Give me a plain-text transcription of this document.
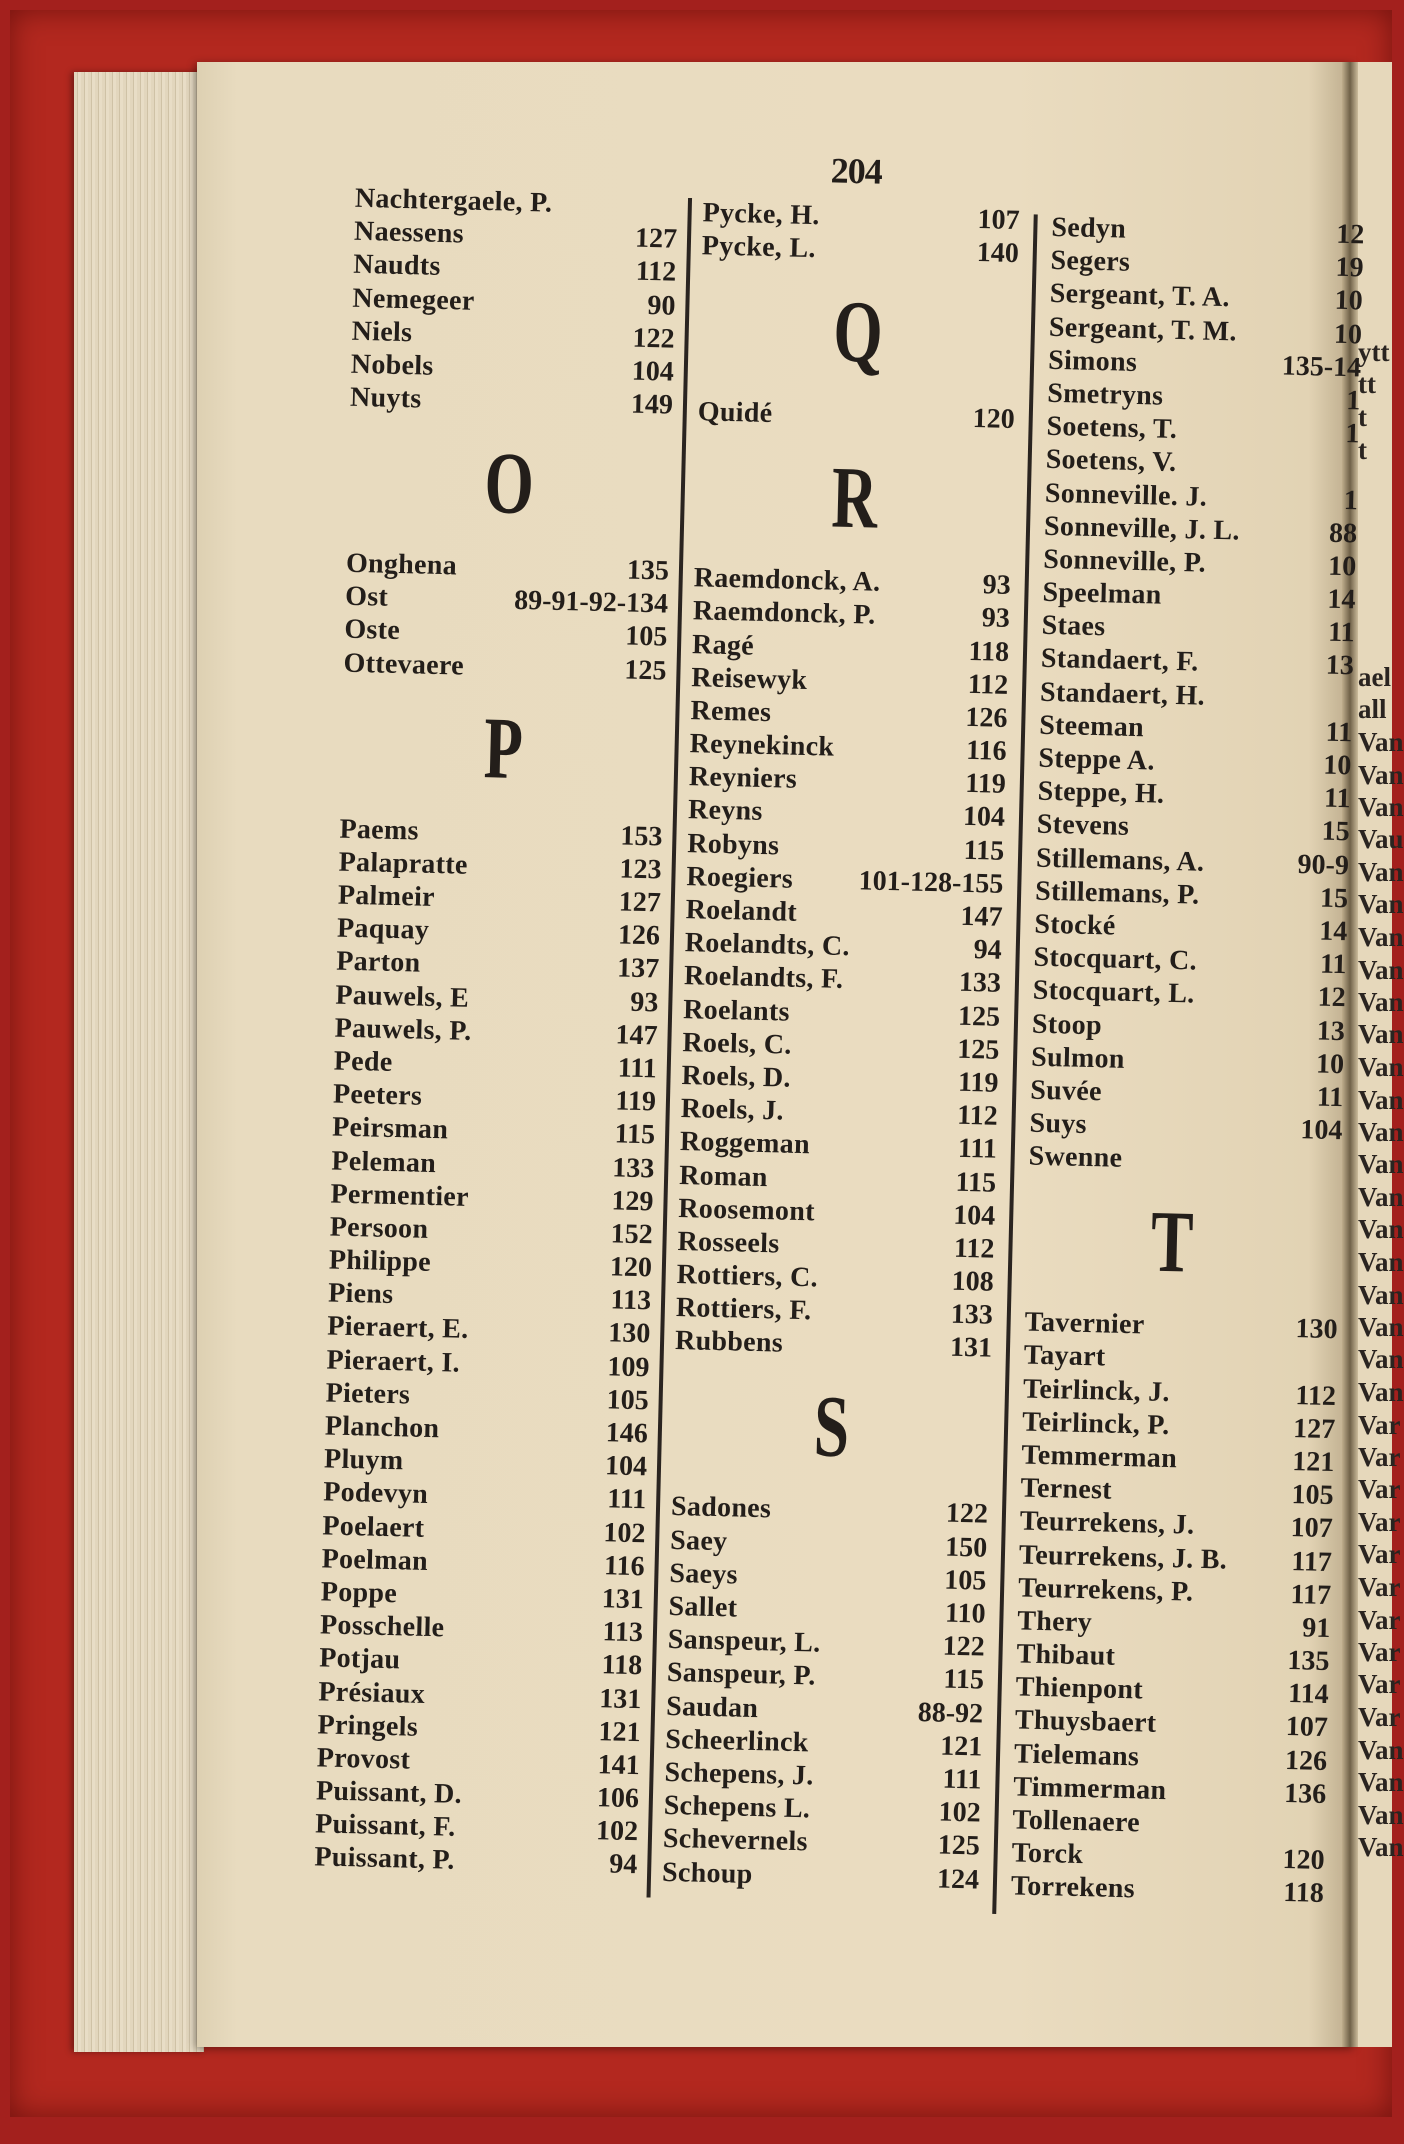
ytt
tt
t
t
ael
all
Van
Van
Van
Vau
Van
Van
Van
Van
Van
Van
Van
Van
Van
Van
Van
Van
Van
Van
Van
Van
Van
Var
Var
Var
Var
Var
Var
Var
Var
Var
Var
Van
Van
Van
Van
204
Nachtergaele, P.
Naessens	127
Naudts	112
Nemegeer	90
Niels	122
Nobels	104
Nuyts	149
O
Onghena	135
Ost	89-91-92-134
Oste	105
Ottevaere	125
P
Paems	153
Palapratte	123
Palmeir	127
Paquay	126
Parton	137
Pauwels, E	93
Pauwels, P.	147
Pede	111
Peeters	119
Peirsman	115
Peleman	133
Permentier	129
Persoon	152
Philippe	120
Piens	113
Pieraert, E.	130
Pieraert, I.	109
Pieters	105
Planchon	146
Pluym	104
Podevyn	111
Poelaert	102
Poelman	116
Poppe	131
Posschelle	113
Potjau	118
Présiaux	131
Pringels	121
Provost	141
Puissant, D.	106
Puissant, F.	102
Puissant, P.	94
Pycke, H.	107
Pycke, L.	140
Q
Quidé	120
R
Raemdonck, A.	93
Raemdonck, P.	93
Ragé	118
Reisewyk	112
Remes	126
Reynekinck	116
Reyniers	119
Reyns	104
Robyns	115
Roegiers 101-128-155
Roelandt	147
Roelandts, C.	94
Roelandts, F.	133
Roelants	125
Roels, C.	125
Roels, D.	119
Roels, J.	112
Roggeman	111
Roman	115
Roosemont	104
Rosseels	112
Rottiers, C.	108
Rottiers, F.	133
Rubbens	131
S
Sadones	122
Saey	150
Saeys	105
Sallet	110
Sanspeur, L.	122
Sanspeur, P.	115
Saudan	88-92
Scheerlinck	121
Schepens, J.	111
Schepens L.	102
Schevernels	125
Schoup	124
Sedyn	12
Segers	19
Sergeant, T. A.	10
Sergeant, T. M.	10
Simons	135-14
Smetryns	1
Soetens, T.	1
Soetens, V.
Sonneville. J.	1
Sonneville, J. L.	88
Sonneville, P.	10
Speelman	14
Staes	11
Standaert, F.	13
Standaert, H.
Steeman	11
Steppe A.	10
Steppe, H.	11
Stevens	15
Stillemans, A.	90-9
Stillemans, P.	15
Stocké	14
Stocquart, C.	11
Stocquart, L.	12
Stoop	13
Sulmon	10
Suvée	11
Suys	104
Swenne
T
Tavernier	130
Tayart
Teirlinck, J.	112
Teirlinck, P.	127
Temmerman	121
Ternest	105
Teurrekens, J.	107
Teurrekens, J. B. 117
Teurrekens, P.	117
Thery	91
Thibaut	135
Thienpont	114
Thuysbaert	107
Tielemans	126
Timmerman	136
Tollenaere
Torck	120
Torrekens	118
